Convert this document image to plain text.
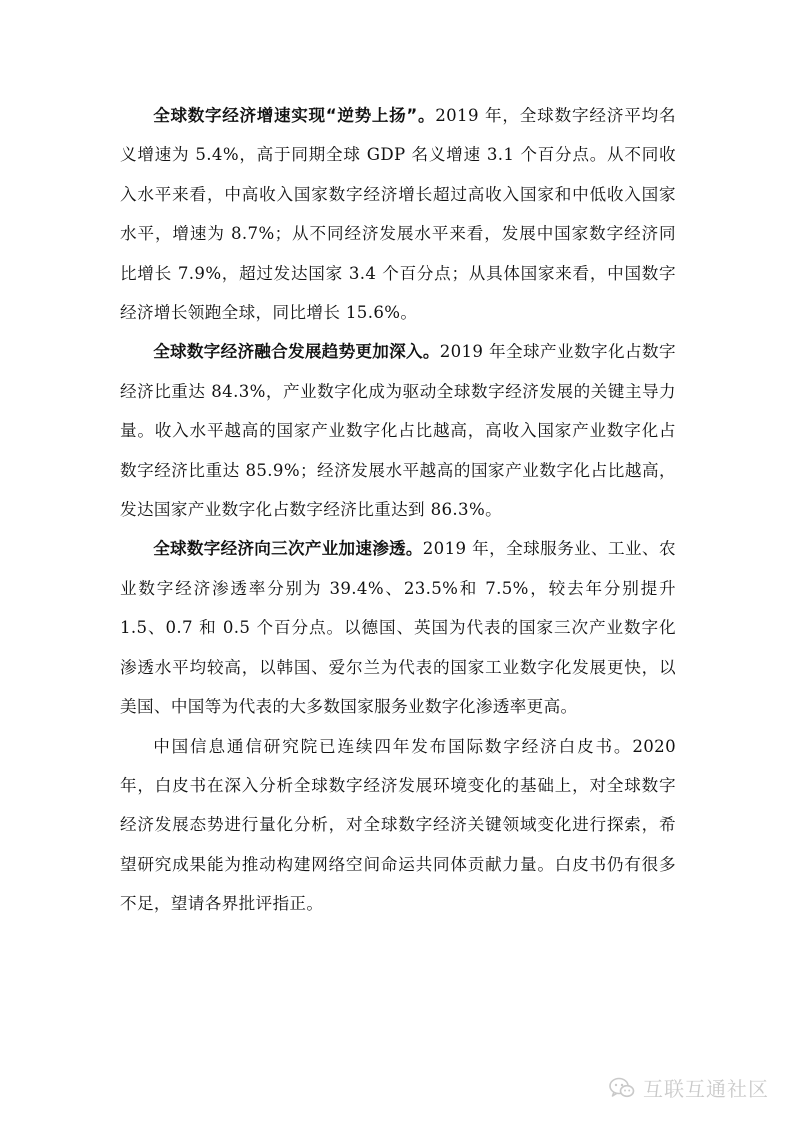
全球数字经济增速实现“逆势上扬”。2019 年，全球数字经济平均名义增速为 5.4%，高于同期全球 GDP 名义增速 3.1 个百分点。从不同收入水平来看，中高收入国家数字经济增长超过高收入国家和中低收入国家水平，增速为 8.7%；从不同经济发展水平来看，发展中国家数字经济同比增长 7.9%，超过发达国家 3.4 个百分点；从具体国家来看，中国数字经济增长领跑全球，同比增长 15.6%。

全球数字经济融合发展趋势更加深入。2019 年全球产业数字化占数字经济比重达 84.3%，产业数字化成为驱动全球数字经济发展的关键主导力量。收入水平越高的国家产业数字化占比越高，高收入国家产业数字化占数字经济比重达 85.9%；经济发展水平越高的国家产业数字化占比越高，发达国家产业数字化占数字经济比重达到 86.3%。

全球数字经济向三次产业加速渗透。2019 年，全球服务业、工业、农业数字经济渗透率分别为 39.4%、23.5%和 7.5%，较去年分别提升 1.5、0.7 和 0.5 个百分点。以德国、英国为代表的国家三次产业数字化渗透水平均较高，以韩国、爱尔兰为代表的国家工业数字化发展更快，以美国、中国等为代表的大多数国家服务业数字化渗透率更高。

中国信息通信研究院已连续四年发布国际数字经济白皮书。2020 年，白皮书在深入分析全球数字经济发展环境变化的基础上，对全球数字经济发展态势进行量化分析，对全球数字经济关键领域变化进行探索，希望研究成果能为推动构建网络空间命运共同体贡献力量。白皮书仍有很多不足，望请各界批评指正。

互联互通社区
